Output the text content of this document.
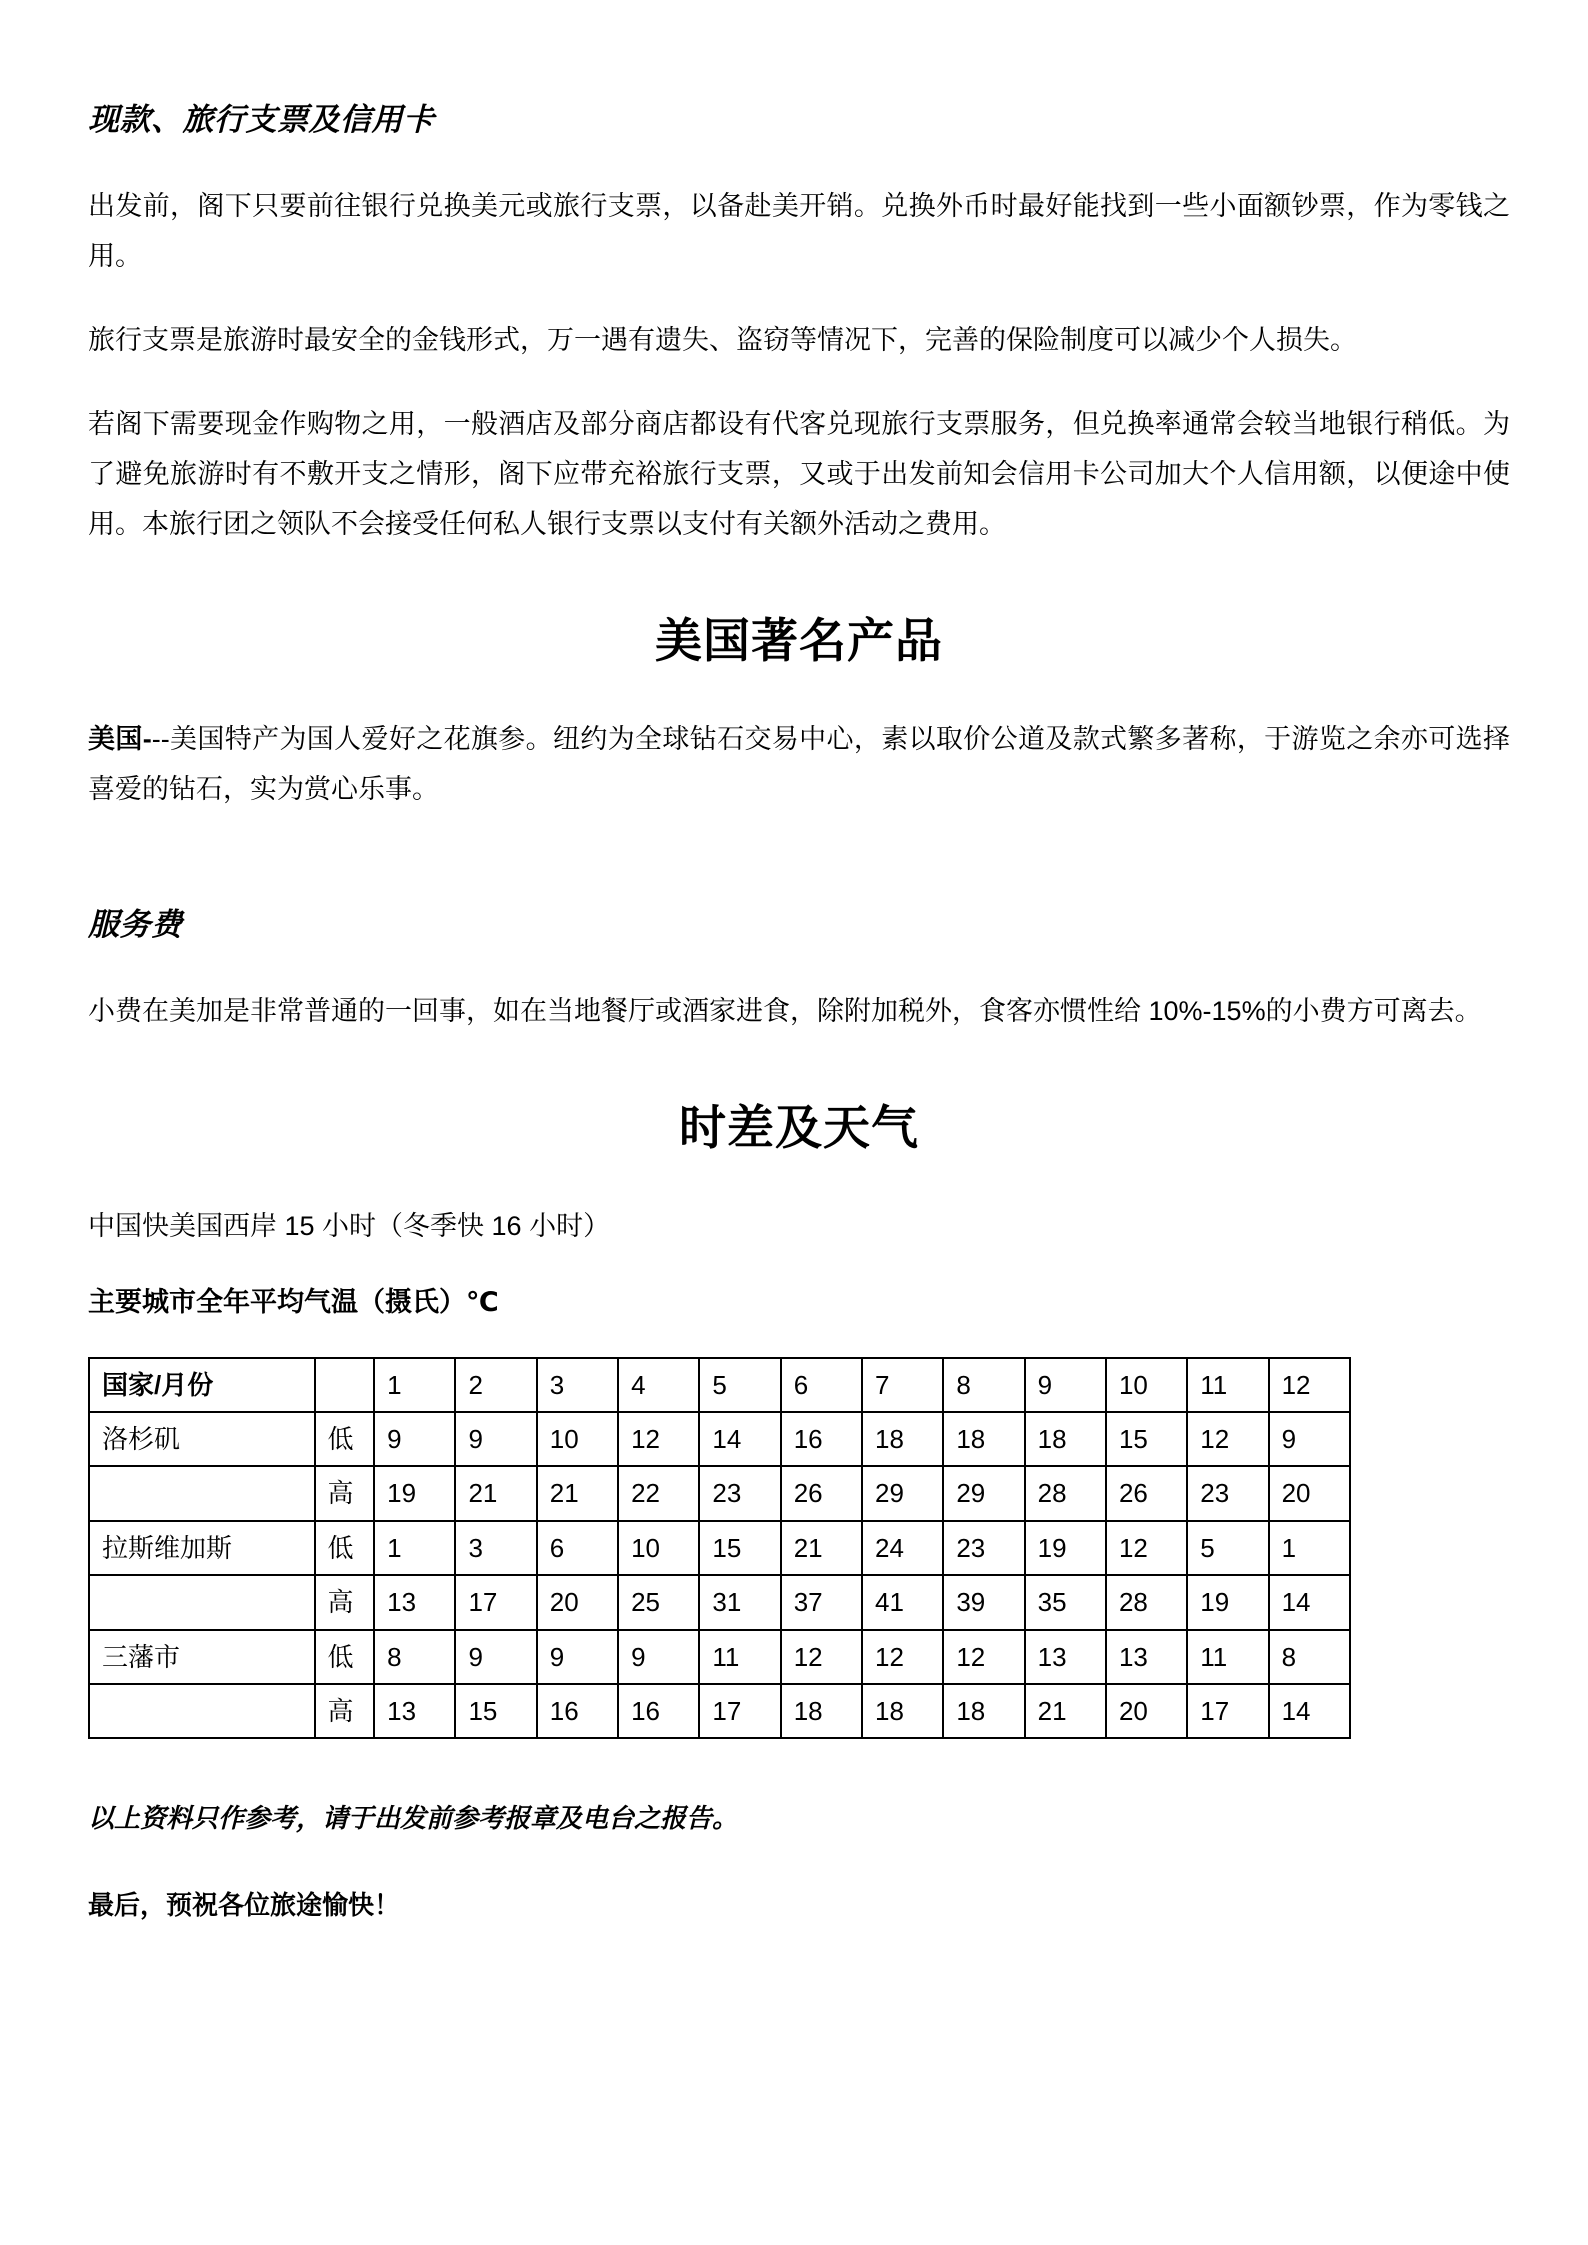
现款、旅行支票及信用卡

出发前，阁下只要前往银行兑换美元或旅行支票，以备赴美开销。兑换外币时最好能找到一些小面额钞票，作为零钱之用。

旅行支票是旅游时最安全的金钱形式，万一遇有遗失、盗窃等情况下，完善的保险制度可以减少个人损失。

若阁下需要现金作购物之用，一般酒店及部分商店都设有代客兑现旅行支票服务，但兑换率通常会较当地银行稍低。为了避免旅游时有不敷开支之情形，阁下应带充裕旅行支票，又或于出发前知会信用卡公司加大个人信用额，以便途中使用。本旅行团之领队不会接受任何私人银行支票以支付有关额外活动之费用。

美国著名产品

美国---美国特产为国人爱好之花旗参。纽约为全球钻石交易中心，素以取价公道及款式繁多著称，于游览之余亦可选择喜爱的钻石，实为赏心乐事。

服务费

小费在美加是非常普通的一回事，如在当地餐厅或酒家进食，除附加税外，食客亦惯性给 10%-15%的小费方可离去。

时差及天气

中国快美国西岸 15 小时（冬季快 16 小时）

主要城市全年平均气温（摄氏）℃
国家/月份		1	2	3	4	5	6	7	8	9	10	11	12
洛杉矶	低	9	9	10	12	14	16	18	18	18	15	12	9
	高	19	21	21	22	23	26	29	29	28	26	23	20
拉斯维加斯	低	1	3	6	10	15	21	24	23	19	12	5	1
	高	13	17	20	25	31	37	41	39	35	28	19	14
三藩市	低	8	9	9	9	11	12	12	12	13	13	11	8
	高	13	15	16	16	17	18	18	18	21	20	17	14

以上资料只作参考，请于出发前参考报章及电台之报告。

最后，预祝各位旅途愉快！
